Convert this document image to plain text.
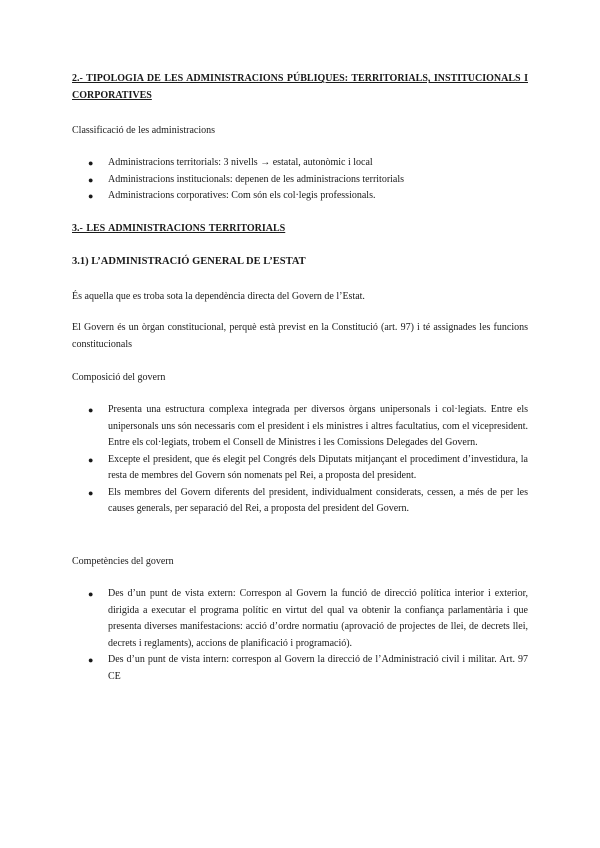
2.- TIPOLOGIA DE LES ADMINISTRACIONS PÚBLIQUES: TERRITORIALS, INSTITUCIONALS I CORPORATIVES

Classificació de les administracions

● Administracions territorials: 3 nivells → estatal, autonòmic i local
● Administracions institucionals: depenen de les administracions territorials
● Administracions corporatives: Com són els col·legis professionals.

3.- LES ADMINISTRACIONS TERRITORIALS

3.1) L’ADMINISTRACIÓ GENERAL DE L’ESTAT

És aquella que es troba sota la dependència directa del Govern de l’Estat.

El Govern és un òrgan constitucional, perquè està previst en la Constitució (art. 97) i té assignades les funcions constitucionals

Composició del govern

● Presenta una estructura complexa integrada per diversos òrgans unipersonals i col·legiats. Entre els unipersonals uns són necessaris com el president i els ministres i altres facultatius, com el vicepresident. Entre els col·legiats, trobem el Consell de Ministres i les Comissions Delegades del Govern.
● Excepte el president, que és elegit pel Congrés dels Diputats mitjançant el procediment d’investidura, la resta de membres del Govern són nomenats pel Rei, a proposta del president.
● Els membres del Govern diferents del president, individualment considerats, cessen, a més de per les causes generals, per separació del Rei, a proposta del president del Govern.

Competències del govern

● Des d’un punt de vista extern: Correspon al Govern la funció de direcció política interior i exterior, dirigida a executar el programa polític en virtut del qual va obtenir la confiança parlamentària i que presenta diverses manifestacions: acció d’ordre normatiu (aprovació de projectes de llei, de decrets llei, decrets i reglaments), accions de planificació i programació).
● Des d’un punt de vista intern: correspon al Govern la direcció de l’Administració civil i militar. Art. 97 CE
